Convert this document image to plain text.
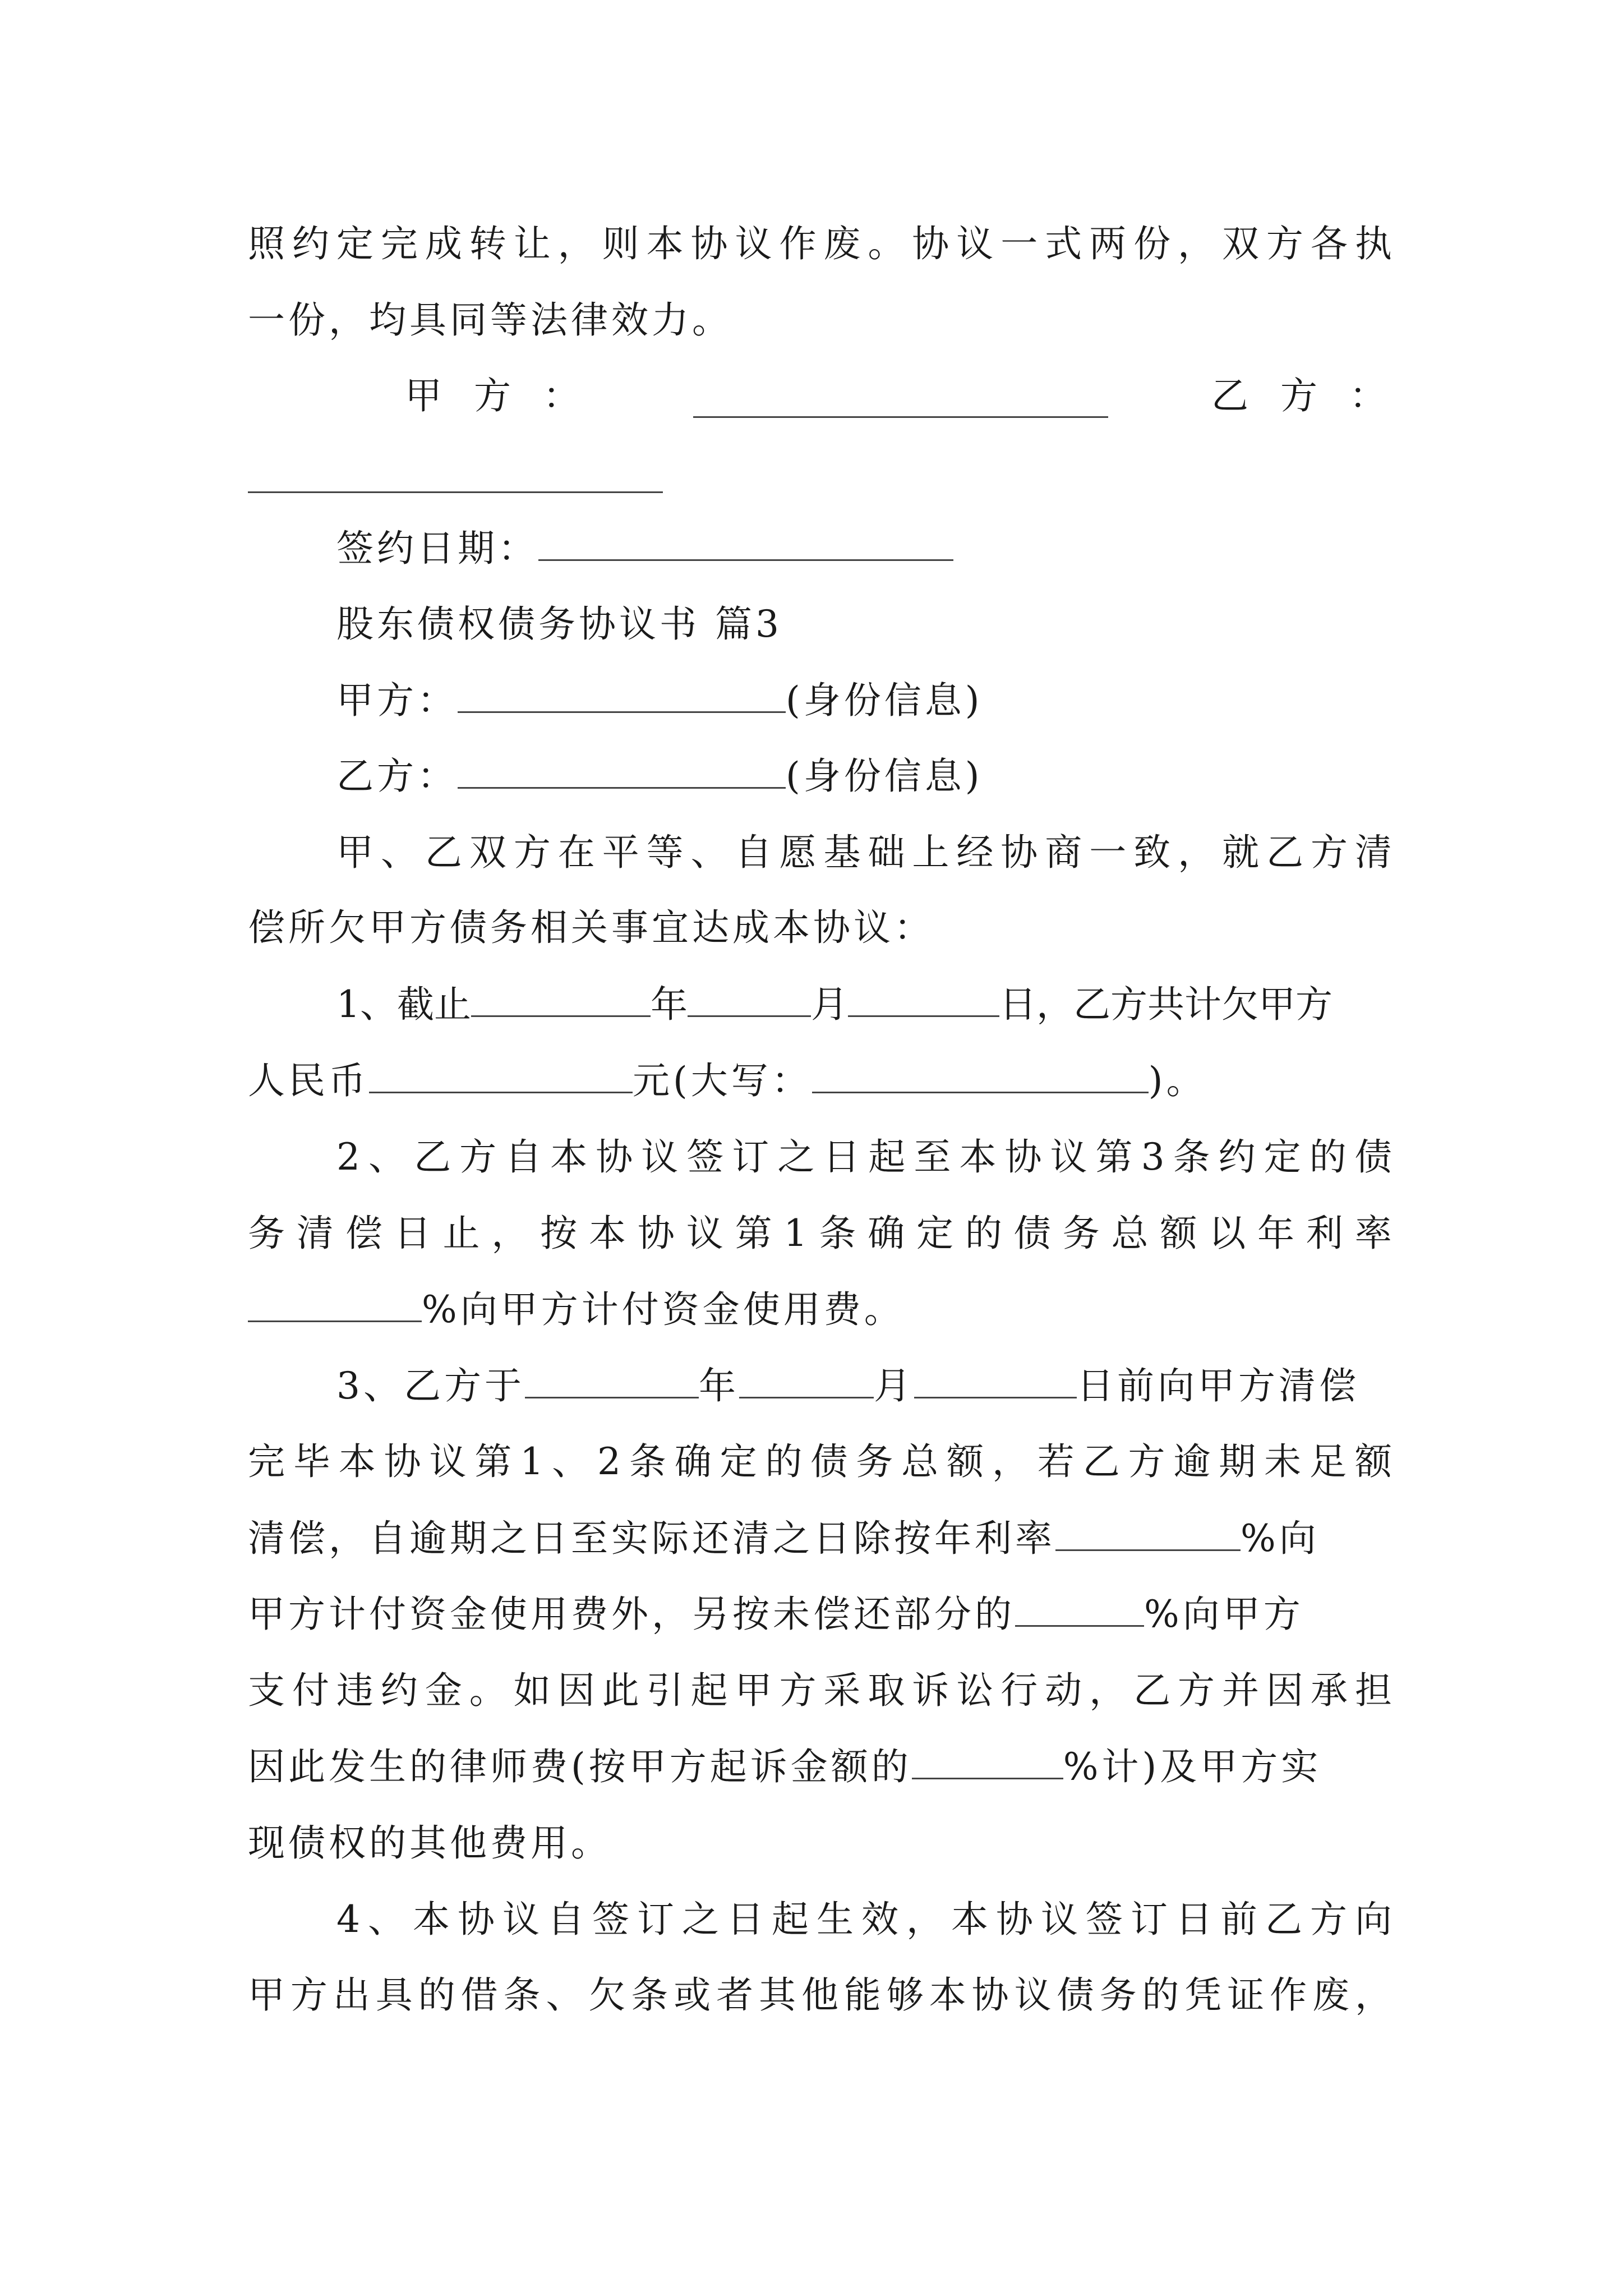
照 约 定 完 成 转 让 ， 则 本 协 议 作 废 。 协 议 一 式 两 份 ， 双 方 各 执
一份，均具同等法律效力。
甲 方 ：	乙 方 ：
签约日期：
股东债权债务协议书 篇3
甲方：	(身份信息)
乙方：	(身份信息)
甲 、 乙 双 方 在 平 等 、 自 愿 基 础 上 经 协 商 一 致 ， 就 乙 方 清
偿所欠甲方债务相关事宜达成本协议：
1、截止	年	月	日，乙方共计欠甲方
人民币	元(大写：	)。
2 、 乙 方 自 本 协 议 签 订 之 日 起 至 本 协 议 第 3 条 约 定 的 债
务 清 偿 日 止 ， 按 本 协 议 第 1 条 确 定 的 债 务 总 额 以 年 利 率
%向甲方计付资金使用费。
3、乙方于	年	月	日前向甲方清偿
完 毕 本 协 议 第 1 、 2 条 确 定 的 债 务 总 额 ， 若 乙 方 逾 期 未 足 额
清偿，自逾期之日至实际还清之日除按年利率	%向
甲方计付资金使用费外，另按未偿还部分的	%向甲方
支 付 违 约 金 。 如 因 此 引 起 甲 方 采 取 诉 讼 行 动 ， 乙 方 并 因 承 担
因此发生的律师费(按甲方起诉金额的	%计)及甲方实
现债权的其他费用。
4 、 本 协 议 自 签 订 之 日 起 生 效 ， 本 协 议 签 订 日 前 乙 方 向
甲 方 出 具 的 借 条 、 欠 条 或 者 其 他 能 够 本 协 议 债 务 的 凭 证 作 废 ，
